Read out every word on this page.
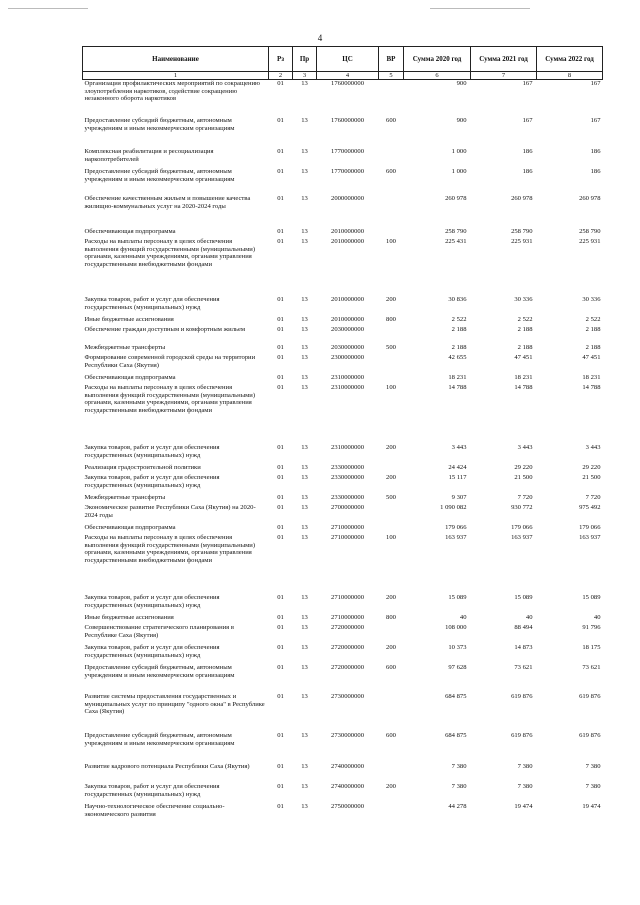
4
Наименование	Рз	Пр	ЦС	ВР	Сумма 2020 год	Сумма 2021 год	Сумма 2022 год
1	2	3	4	5	6	7	8
Организация профилактических мероприятий по сокращению злоупотребления наркотиков, содействие сокращению незаконного оборота наркотиков	01	13	1760000000		900	167	167
Предоставление субсидий бюджетным, автономным учреждениям и иным некоммерческим организациям	01	13	1760000000	600	900	167	167
Комплексная реабилитация и ресоциализация наркопотребителей	01	13	1770000000		1 000	186	186
Предоставление субсидий бюджетным, автономным учреждениям и иным некоммерческим организациям	01	13	1770000000	600	1 000	186	186
Обеспечение качественным жильем и повышение качества жилищно-коммунальных услуг на 2020-2024 годы	01	13	2000000000		260 978	260 978	260 978
Обеспечивающая подпрограмма	01	13	2010000000		258 790	258 790	258 790
Расходы на выплаты персоналу в целях обеспечения выполнения функций государственными (муниципальными) органами, казенными учреждениями, органами управления государственными внебюджетными фондами	01	13	2010000000	100	225 431	225 931	225 931
Закупка товаров, работ и услуг для обеспечения государственных (муниципальных) нужд	01	13	2010000000	200	30 836	30 336	30 336
Иные бюджетные ассигнования	01	13	2010000000	800	2 522	2 522	2 522
Обеспечение граждан доступным и комфортным жильем	01	13	2030000000		2 188	2 188	2 188
Межбюджетные трансферты	01	13	2030000000	500	2 188	2 188	2 188
Формирование современной городской среды на территории Республики Саха (Якутия)	01	13	2300000000		42 655	47 451	47 451
Обеспечивающая подпрограмма	01	13	2310000000		18 231	18 231	18 231
Расходы на выплаты персоналу в целях обеспечения выполнения функций государственными (муниципальными) органами, казенными учреждениями, органами управления государственными внебюджетными фондами	01	13	2310000000	100	14 788	14 788	14 788
Закупка товаров, работ и услуг для обеспечения государственных (муниципальных) нужд	01	13	2310000000	200	3 443	3 443	3 443
Реализация градостроительной политики	01	13	2330000000		24 424	29 220	29 220
Закупка товаров, работ и услуг для обеспечения государственных (муниципальных) нужд	01	13	2330000000	200	15 117	21 500	21 500
Межбюджетные трансферты	01	13	2330000000	500	9 307	7 720	7 720
Экономическое развитие Республики Саха (Якутия) на 2020-2024 годы	01	13	2700000000		1 090 082	930 772	975 492
Обеспечивающая подпрограмма	01	13	2710000000		179 066	179 066	179 066
Расходы на выплаты персоналу в целях обеспечения выполнения функций государственными (муниципальными) органами, казенными учреждениями, органами управления государственными внебюджетными фондами	01	13	2710000000	100	163 937	163 937	163 937
Закупка товаров, работ и услуг для обеспечения государственных (муниципальных) нужд	01	13	2710000000	200	15 089	15 089	15 089
Иные бюджетные ассигнования	01	13	2710000000	800	40	40	40
Совершенствование стратегического планирования в Республике Саха (Якутия)	01	13	2720000000		108 000	88 494	91 796
Закупка товаров, работ и услуг для обеспечения государственных (муниципальных) нужд	01	13	2720000000	200	10 373	14 873	18 175
Предоставление субсидий бюджетным, автономным учреждениям и иным некоммерческим организациям	01	13	2720000000	600	97 628	73 621	73 621
Развитие системы предоставления государственных и муниципальных услуг по принципу "одного окна" в Республике Саха (Якутия)	01	13	2730000000		684 875	619 876	619 876
Предоставление субсидий бюджетным, автономным учреждениям и иным некоммерческим организациям	01	13	2730000000	600	684 875	619 876	619 876
Развитие кадрового потенциала Республики Саха (Якутия)	01	13	2740000000		7 380	7 380	7 380
Закупка товаров, работ и услуг для обеспечения государственных (муниципальных) нужд	01	13	2740000000	200	7 380	7 380	7 380
Научно-технологическое обеспечение социально-экономического развития	01	13	2750000000		44 278	19 474	19 474
